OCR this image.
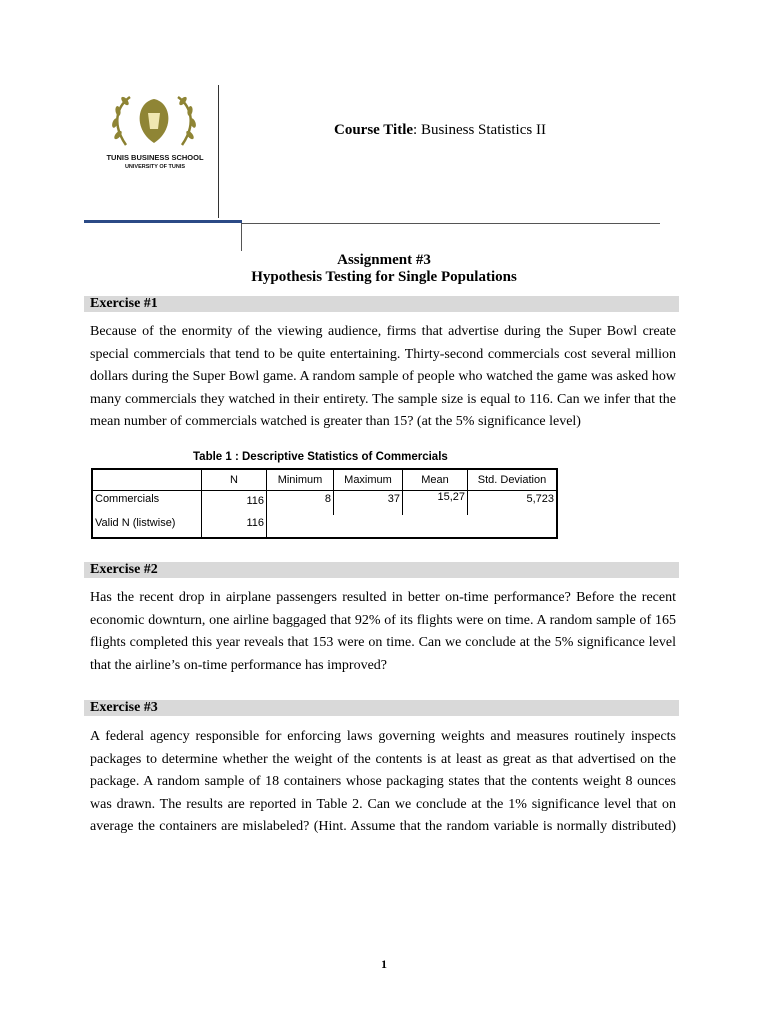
TUNIS BUSINESS SCHOOL
UNIVERSITY OF TUNIS
Course Title: Business Statistics II
Assignment #3
Hypothesis Testing for Single Populations
Exercise #1
Because of the enormity of the viewing audience, firms that advertise during the Super Bowl create
special commercials that tend to be quite entertaining. Thirty-second commercials cost several million
dollars during the Super Bowl game. A random sample of people who watched the game was asked how
many commercials they watched in their entirety. The sample size is equal to 116. Can we infer that the
mean number of commercials watched is greater than 15? (at the 5% significance level)
Table 1 : Descriptive Statistics of Commercials
	N	Minimum	Maximum	Mean	Std. Deviation
Commercials	116	8	37	15,27	5,723
Valid N (listwise)	116				
Exercise #2
Has the recent drop in airplane passengers resulted in better on-time performance? Before the recent
economic downturn, one airline baggaged that 92% of its flights were on time. A random sample of 165
flights completed this year reveals that 153 were on time. Can we conclude at the 5% significance level
that the airline’s on-time performance has improved?
Exercise #3
A federal agency responsible for enforcing laws governing weights and measures routinely inspects
packages to determine whether the weight of the contents is at least as great as that advertised on the
package. A random sample of 18 containers whose packaging states that the contents weight 8 ounces
was drawn. The results are reported in Table 2. Can we conclude at the 1% significance level that on
average the containers are mislabeled? (Hint. Assume that the random variable is normally distributed)
1
